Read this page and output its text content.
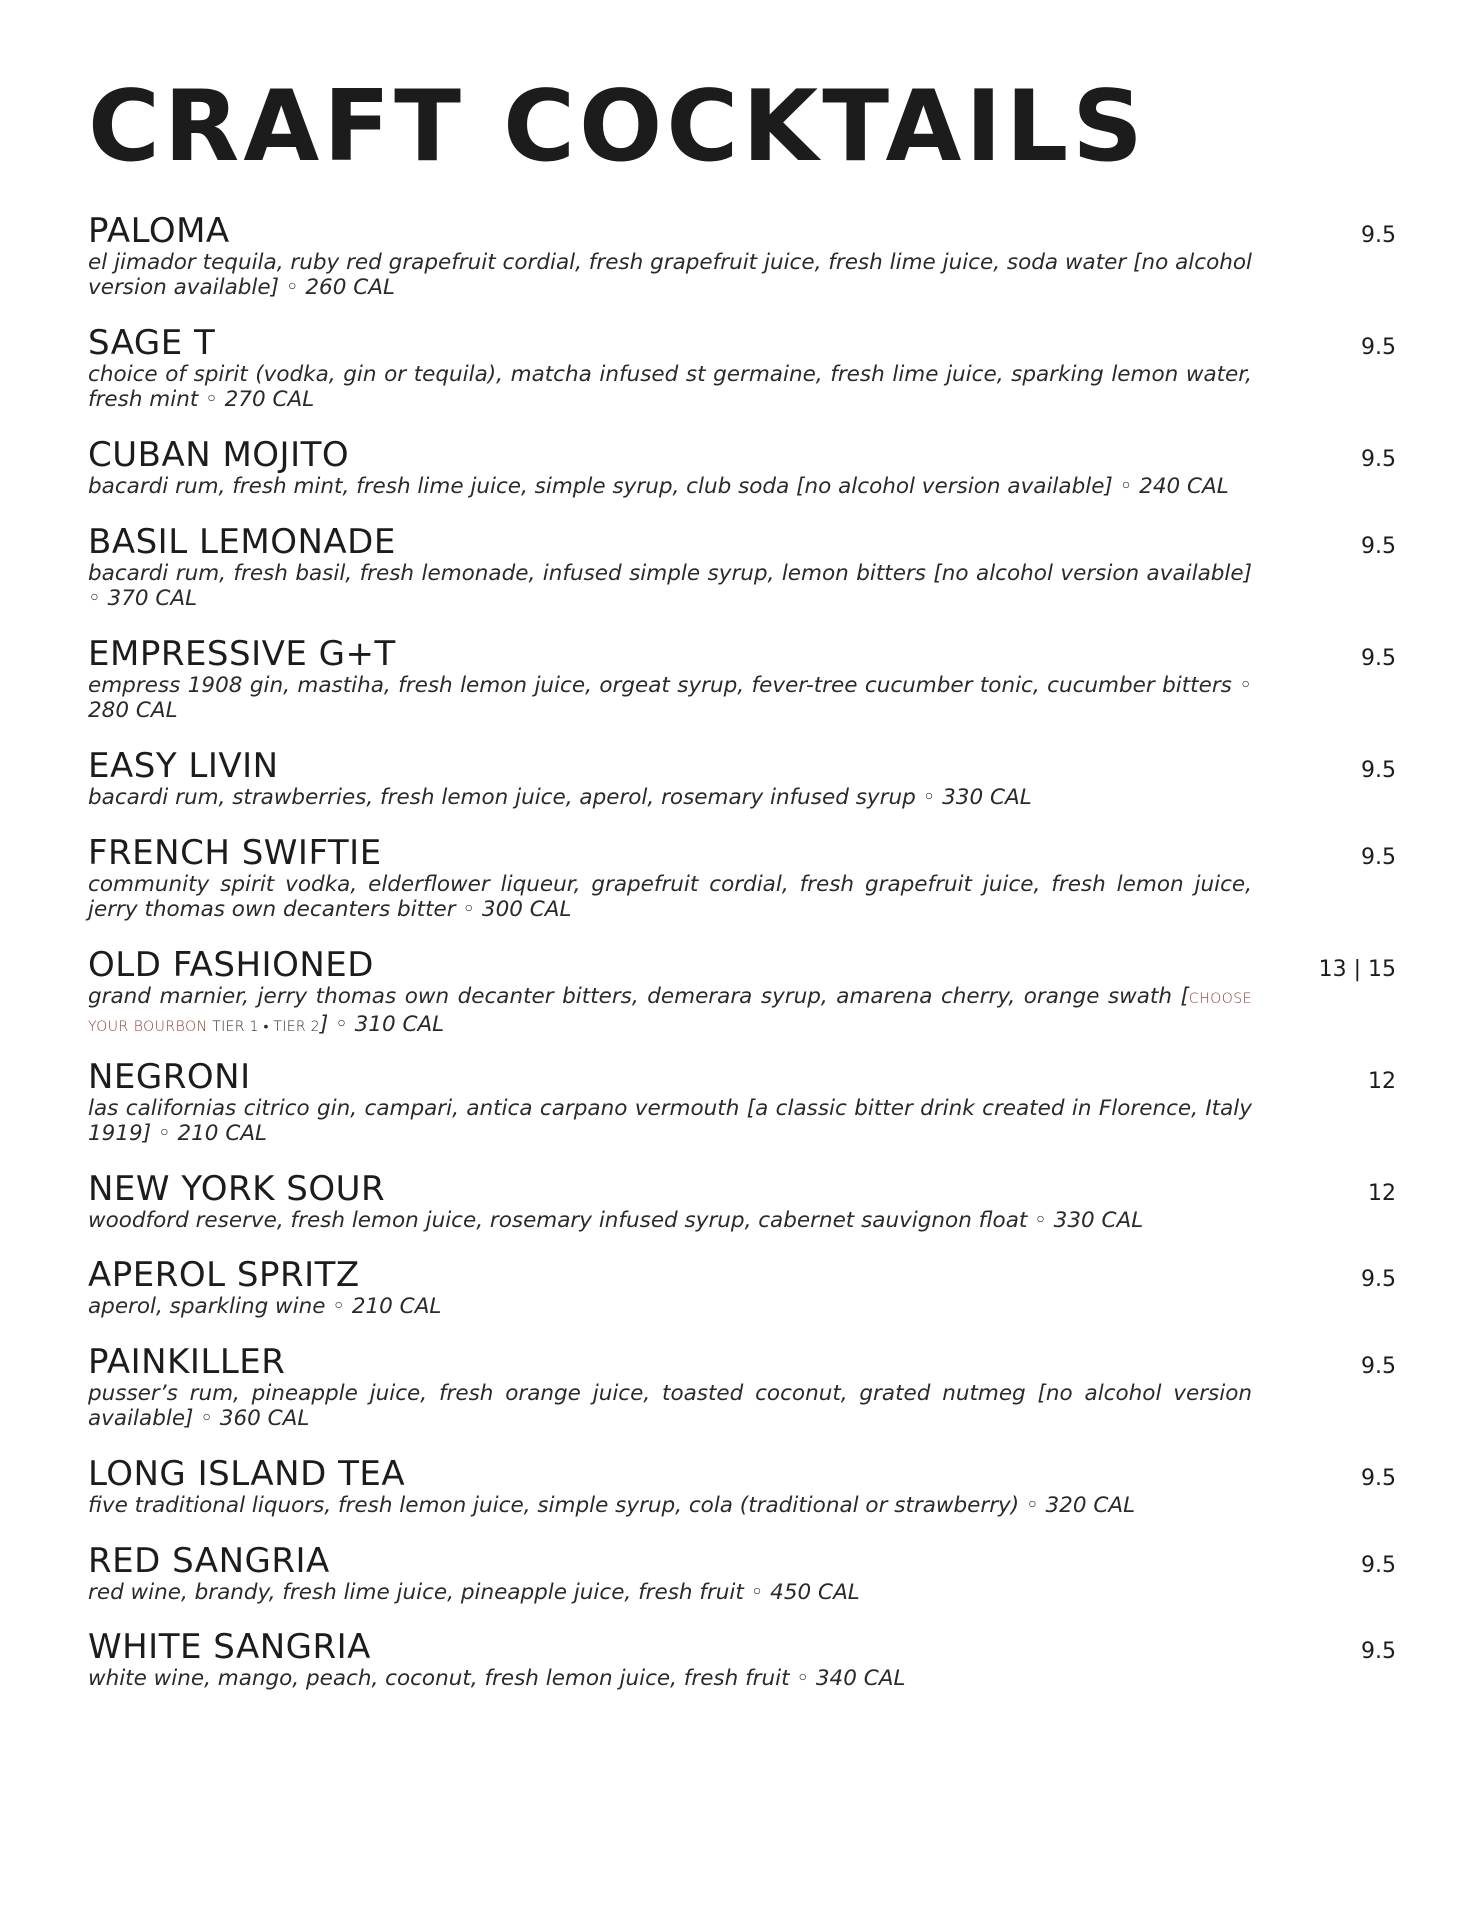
CRAFT COCKTAILS
PALOMA
el jimador tequila, ruby red grapefruit cordial, fresh grapefruit juice, fresh lime juice, soda water [no alcohol version available] ◦ 260 CAL
9.5
SAGE T
choice of spirit (vodka, gin or tequila), matcha infused st germaine, fresh lime juice, sparking lemon water, fresh mint ◦ 270 CAL
9.5
CUBAN MOJITO
bacardi rum, fresh mint, fresh lime juice, simple syrup, club soda [no alcohol version available] ◦ 240 CAL
9.5
BASIL LEMONADE
bacardi rum, fresh basil, fresh lemonade, infused simple syrup, lemon bitters [no alcohol version available] ◦ 370 CAL
9.5
EMPRESSIVE G+T
empress 1908 gin, mastiha, fresh lemon juice, orgeat syrup, fever-tree cucumber tonic, cucumber bitters ◦ 280 CAL
9.5
EASY LIVIN
bacardi rum, strawberries, fresh lemon juice, aperol, rosemary infused syrup ◦ 330 CAL
9.5
FRENCH SWIFTIE
community spirit vodka, elderflower liqueur, grapefruit cordial, fresh grapefruit juice, fresh lemon juice, jerry thomas own decanters bitter ◦ 300 CAL
9.5
OLD FASHIONED
grand marnier, jerry thomas own decanter bitters, demerara syrup, amarena cherry, orange swath [CHOOSE YOUR BOURBON TIER 1 • TIER 2] ◦ 310 CAL
13 | 15
NEGRONI
las californias citrico gin, campari, antica carpano vermouth [a classic bitter drink created in Florence, Italy 1919] ◦ 210 CAL
12
NEW YORK SOUR
woodford reserve, fresh lemon juice, rosemary infused syrup, cabernet sauvignon float ◦ 330 CAL
12
APEROL SPRITZ
aperol, sparkling wine ◦ 210 CAL
9.5
PAINKILLER
pusser’s rum, pineapple juice, fresh orange juice, toasted coconut, grated nutmeg [no alcohol version available] ◦ 360 CAL
9.5
LONG ISLAND TEA
five traditional liquors, fresh lemon juice, simple syrup, cola (traditional or strawberry) ◦ 320 CAL
9.5
RED SANGRIA
red wine, brandy, fresh lime juice, pineapple juice, fresh fruit ◦ 450 CAL
9.5
WHITE SANGRIA
white wine, mango, peach, coconut, fresh lemon juice, fresh fruit ◦ 340 CAL
9.5
